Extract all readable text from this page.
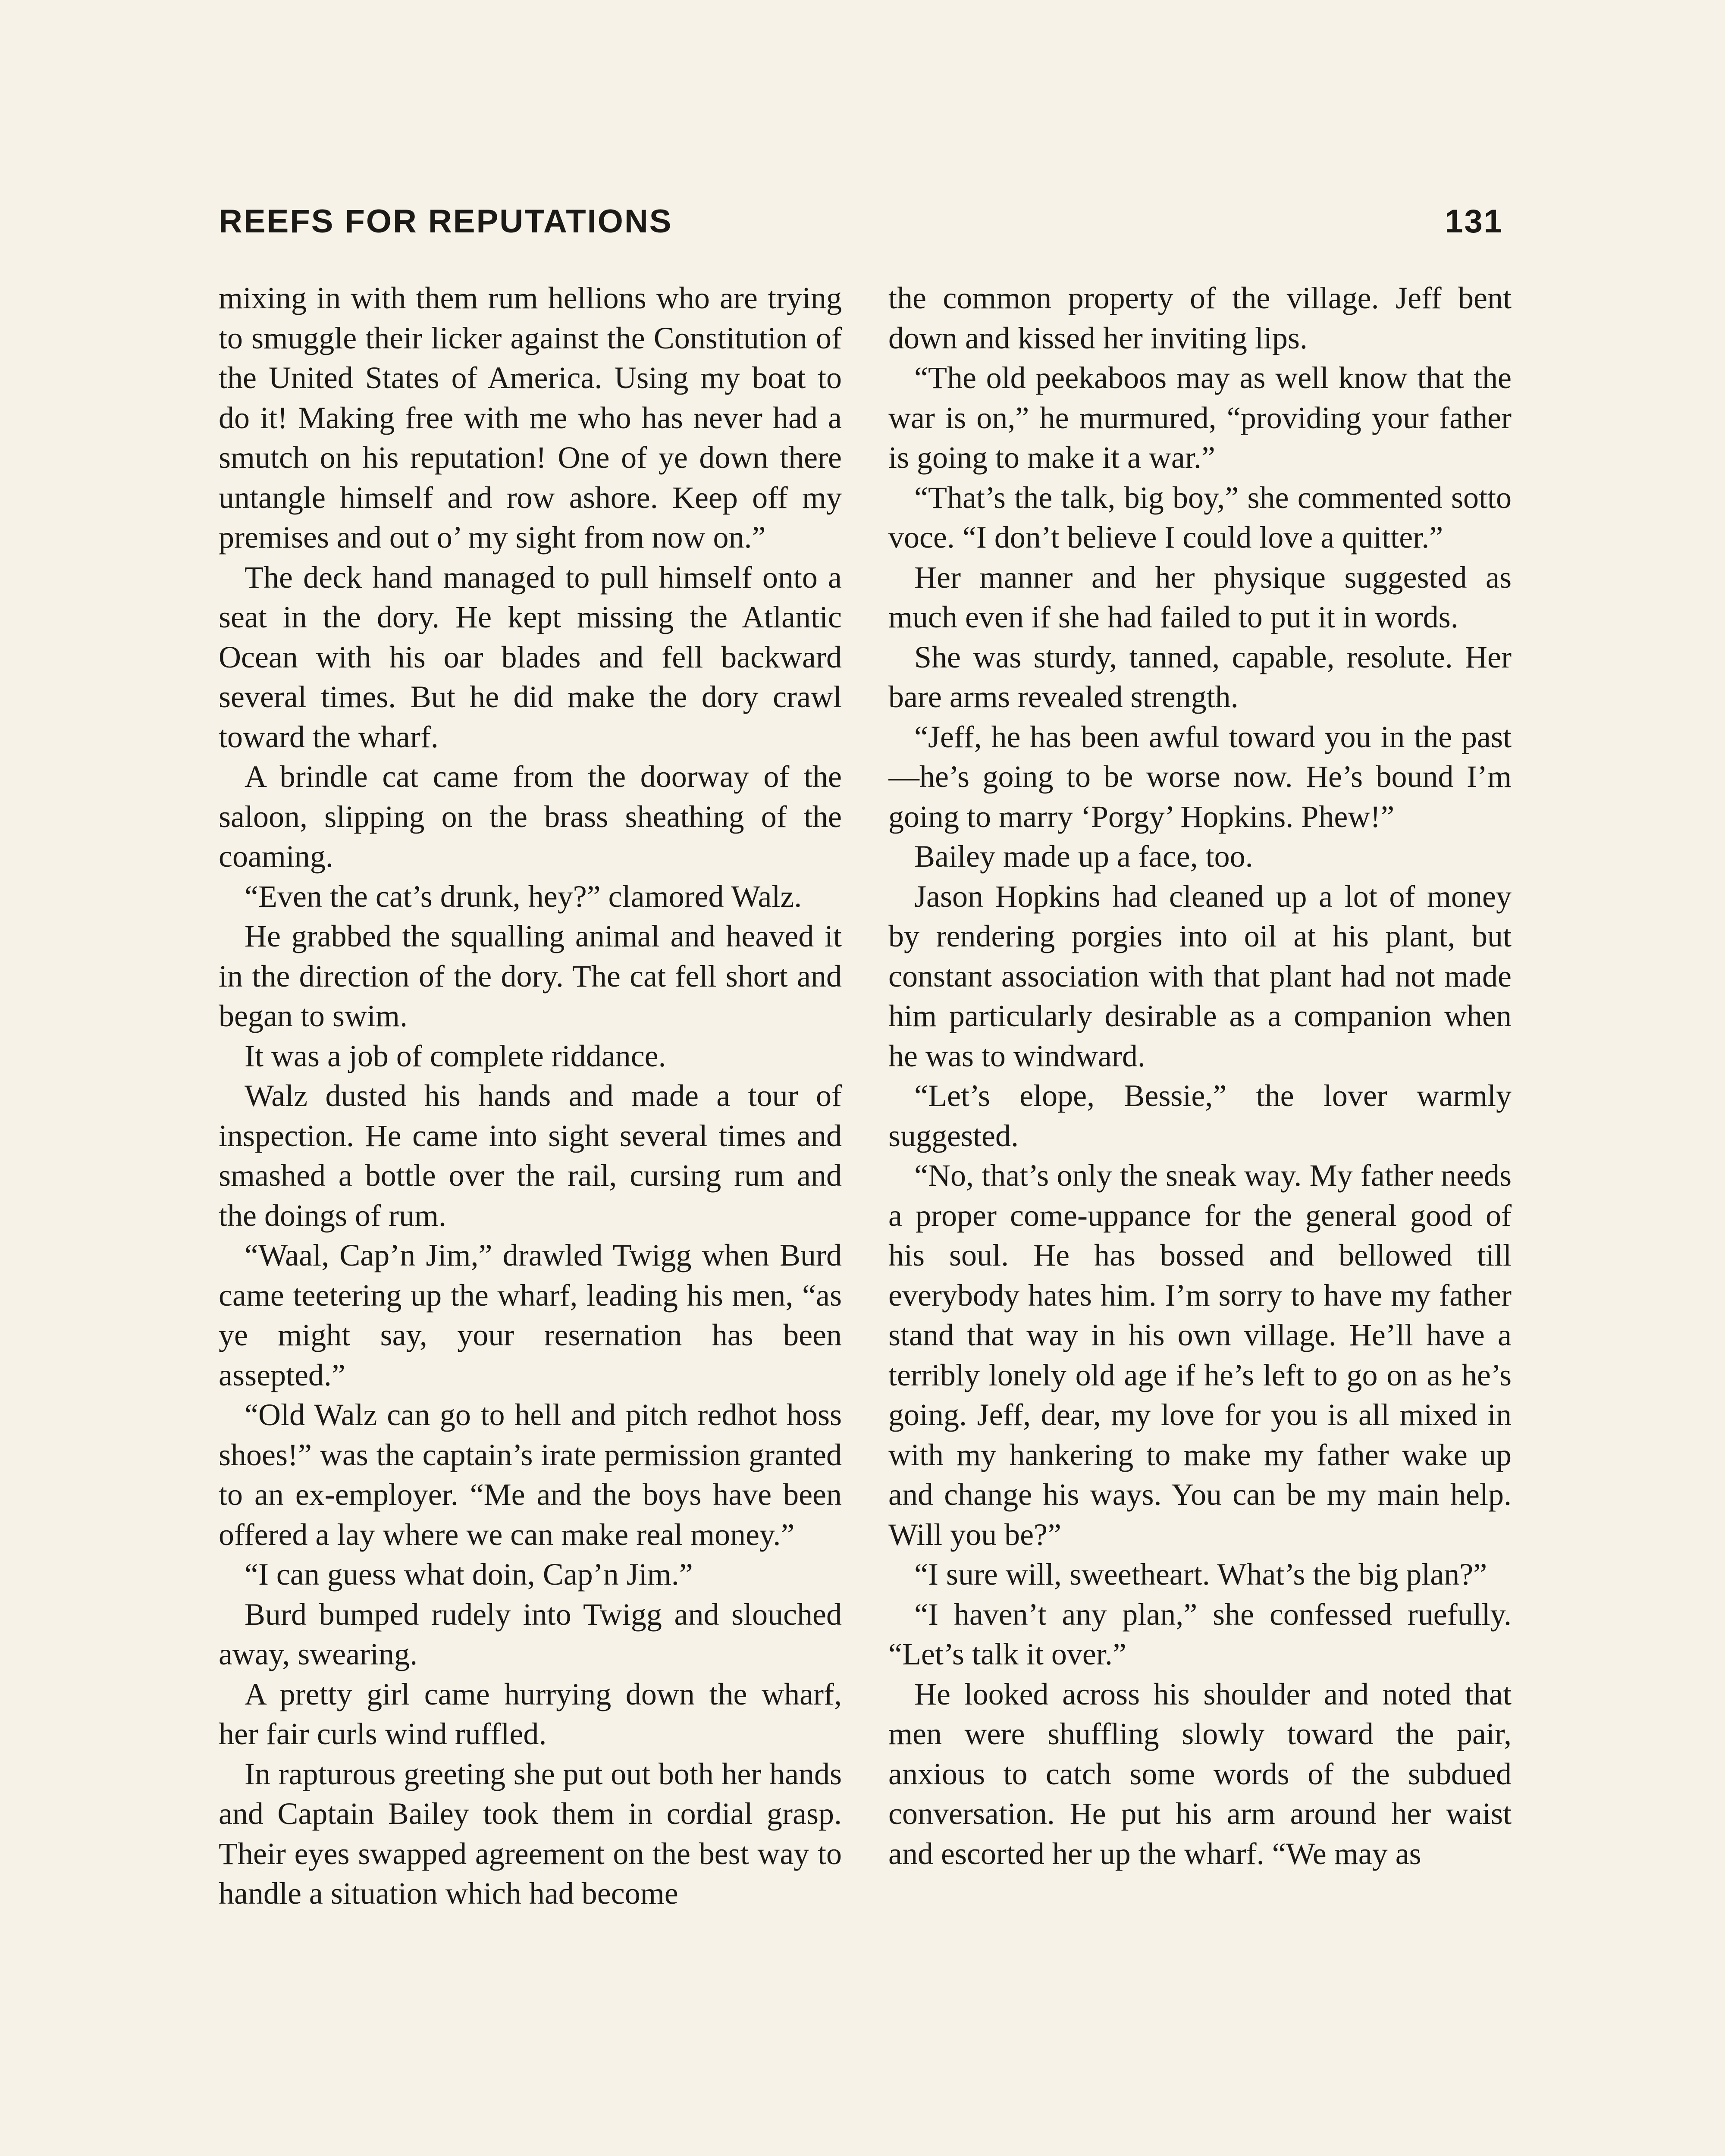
REEFS FOR REPUTATIONS	131

mixing in with them rum hellions who are trying to smuggle their licker against the Constitution of the United States of America. Using my boat to do it! Making free with me who has never had a smutch on his reputation! One of ye down there untangle himself and row ashore. Keep off my premises and out o’ my sight from now on.”

The deck hand managed to pull himself onto a seat in the dory. He kept missing the Atlantic Ocean with his oar blades and fell backward several times. But he did make the dory crawl toward the wharf.

A brindle cat came from the doorway of the saloon, slipping on the brass sheathing of the coaming.

“Even the cat’s drunk, hey?” clamored Walz.

He grabbed the squalling animal and heaved it in the direction of the dory. The cat fell short and began to swim.

It was a job of complete riddance.

Walz dusted his hands and made a tour of inspection. He came into sight several times and smashed a bottle over the rail, cursing rum and the doings of rum.

“Waal, Cap’n Jim,” drawled Twigg when Burd came teetering up the wharf, leading his men, “as ye might say, your resernation has been assepted.”

“Old Walz can go to hell and pitch redhot hoss shoes!” was the captain’s irate permission granted to an ex-employer. “Me and the boys have been offered a lay where we can make real money.”

“I can guess what doin, Cap’n Jim.”

Burd bumped rudely into Twigg and slouched away, swearing.

A pretty girl came hurrying down the wharf, her fair curls wind ruffled.

In rapturous greeting she put out both her hands and Captain Bailey took them in cordial grasp. Their eyes swapped agreement on the best way to handle a situation which had become

the common property of the village. Jeff bent down and kissed her inviting lips.

“The old peekaboos may as well know that the war is on,” he murmured, “providing your father is going to make it a war.”

“That’s the talk, big boy,” she commented sotto voce. “I don’t believe I could love a quitter.”

Her manner and her physique suggested as much even if she had failed to put it in words.

She was sturdy, tanned, capable, resolute. Her bare arms revealed strength.

“Jeff, he has been awful toward you in the past—he’s going to be worse now. He’s bound I’m going to marry ‘Porgy’ Hopkins. Phew!”

Bailey made up a face, too.

Jason Hopkins had cleaned up a lot of money by rendering porgies into oil at his plant, but constant association with that plant had not made him particularly desirable as a companion when he was to windward.

“Let’s elope, Bessie,” the lover warmly suggested.

“No, that’s only the sneak way. My father needs a proper come-uppance for the general good of his soul. He has bossed and bellowed till everybody hates him. I’m sorry to have my father stand that way in his own village. He’ll have a terribly lonely old age if he’s left to go on as he’s going. Jeff, dear, my love for you is all mixed in with my hankering to make my father wake up and change his ways. You can be my main help. Will you be?”

“I sure will, sweetheart. What’s the big plan?”

“I haven’t any plan,” she confessed ruefully. “Let’s talk it over.”

He looked across his shoulder and noted that men were shuffling slowly toward the pair, anxious to catch some words of the subdued conversation. He put his arm around her waist and escorted her up the wharf. “We may as
